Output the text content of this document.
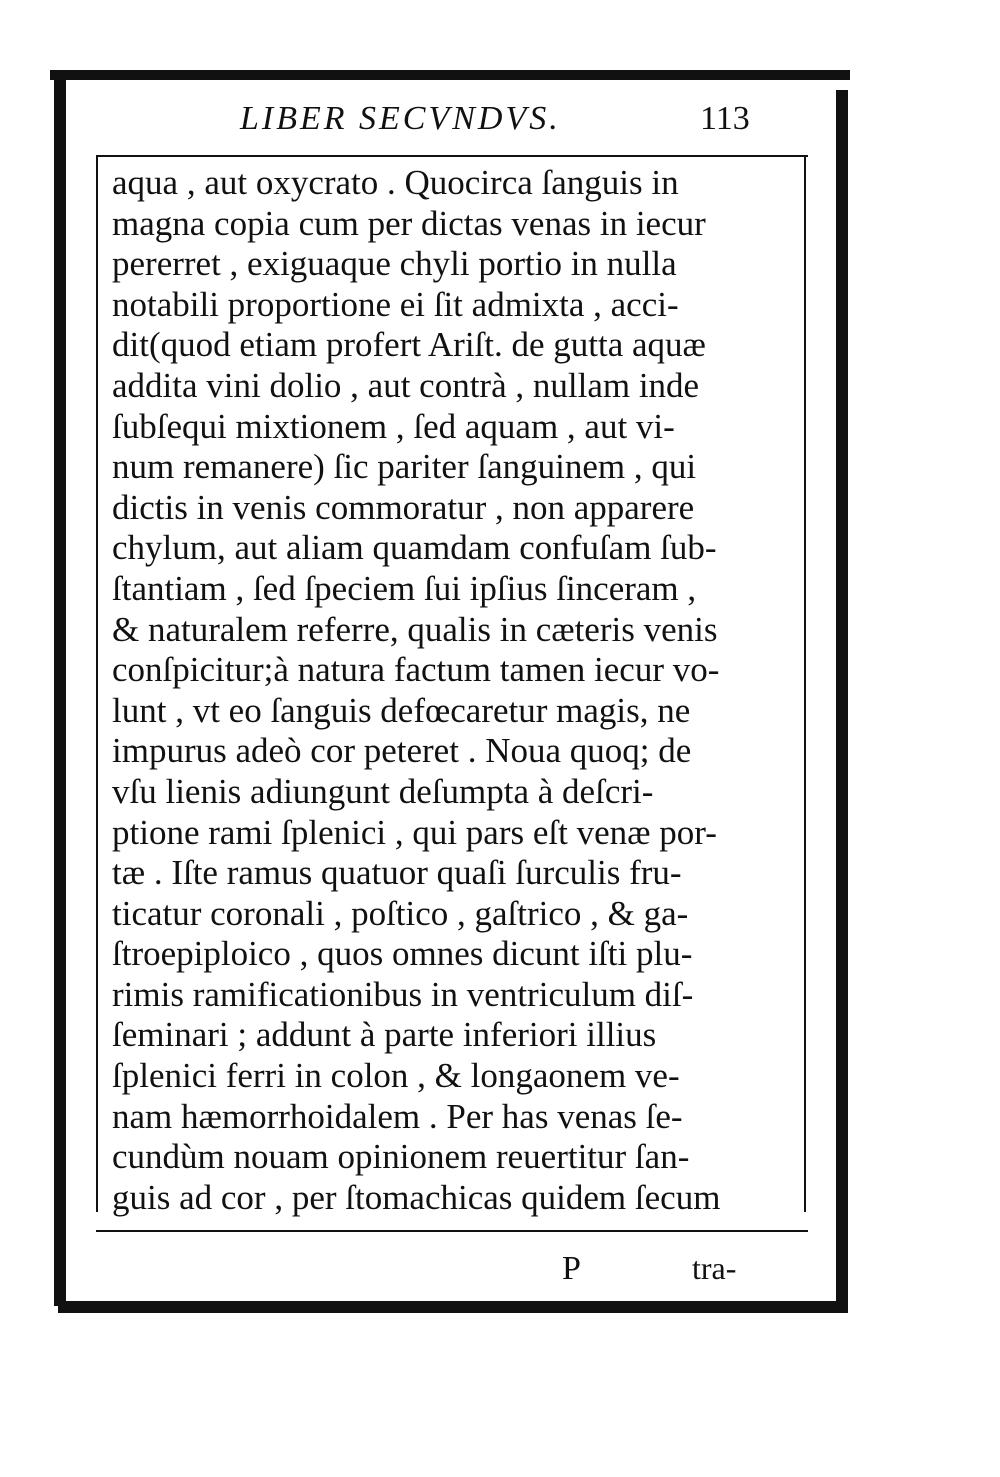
LIBER SECVNDVS.	113
aqua , aut oxycrato . Quocirca ſanguis in
magna copia cum per dictas venas in iecur
pererret , exiguaque chyli portio in nulla
notabili proportione ei ſit admixta , acci-
dit(quod etiam profert Ariſt. de gutta aquæ
addita vini dolio , aut contrà , nullam inde
ſubſequi mixtionem , ſed aquam , aut vi-
num remanere) ſic pariter ſanguinem , qui
dictis in venis commoratur , non apparere
chylum, aut aliam quamdam confuſam ſub-
ſtantiam , ſed ſpeciem ſui ipſius ſinceram ,
& naturalem referre, qualis in cæteris venis
conſpicitur;à natura factum tamen iecur vo-
lunt , vt eo ſanguis defœcaretur magis, ne
impurus adeò cor peteret . Noua quoq; de
vſu lienis adiungunt deſumpta à deſcri-
ptione rami ſplenici , qui pars eſt venæ por-
tæ . Iſte ramus quatuor quaſi ſurculis fru-
ticatur coronali , poſtico , gaſtrico , & ga-
ſtroepiploico , quos omnes dicunt iſti plu-
rimis ramificationibus in ventriculum diſ-
ſeminari ; addunt à parte inferiori illius
ſplenici ferri in colon , & longaonem ve-
nam hæmorrhoidalem . Per has venas ſe-
cundùm nouam opinionem reuertitur ſan-
guis ad cor , per ſtomachicas quidem ſecum
P	tra-
